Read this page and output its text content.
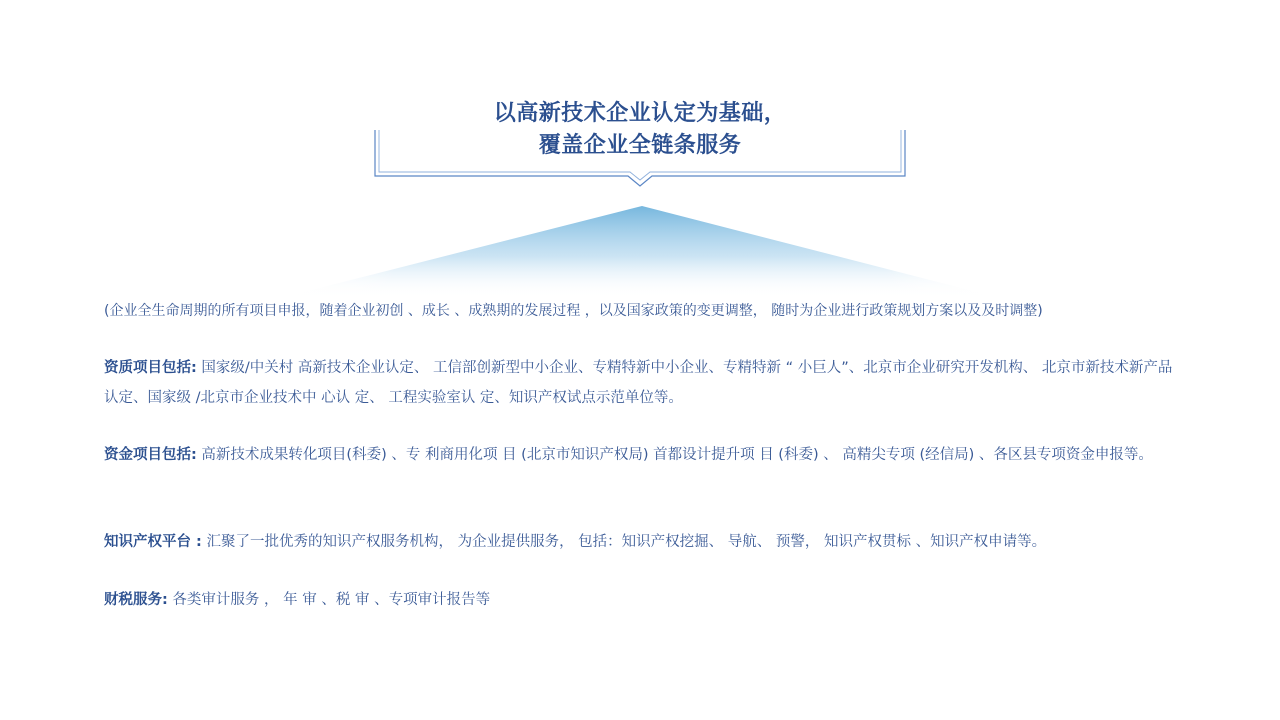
以高新技术企业认定为基础，
覆盖企业全链条服务

(企业全生命周期的所有项目申报，随着企业初创 、成长 、成熟期的发展过程 ，以及国家政策的变更调整， 随时为企业进行政策规划方案以及及时调整)

资质项目包括: 国家级/中关村 高新技术企业认定、 工信部创新型中小企业、专精特新中小企业、专精特新 “ 小巨人”、北京市企业研究开发机构、 北京市新技术新产品认定、国家级 /北京市企业技术中 心认 定、 工程实验室认 定、知识产权试点示范单位等。

资金项目包括: 高新技术成果转化项目(科委) 、专 利商用化项 目 (北京市知识产权局) 首都设计提升项 目 (科委) 、 高精尖专项 (经信局) 、各区县专项资金申报等。

知识产权平台 : 汇聚了一批优秀的知识产权服务机构， 为企业提供服务， 包括：知识产权挖掘、 导航、 预警， 知识产权贯标 、知识产权申请等。

财税服务: 各类审计服务 ， 年 审 、税 审 、专项审计报告等
